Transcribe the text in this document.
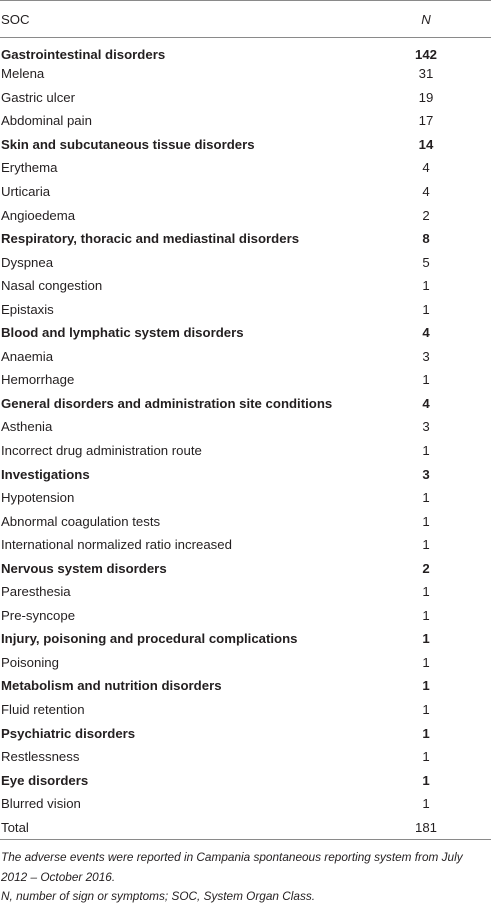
SOC	N
Gastrointestinal disorders	142
Melena	31
Gastric ulcer	19
Abdominal pain	17
Skin and subcutaneous tissue disorders	14
Erythema	4
Urticaria	4
Angioedema	2
Respiratory, thoracic and mediastinal disorders	8
Dyspnea	5
Nasal congestion	1
Epistaxis	1
Blood and lymphatic system disorders	4
Anaemia	3
Hemorrhage	1
General disorders and administration site conditions	4
Asthenia	3
Incorrect drug administration route	1
Investigations	3
Hypotension	1
Abnormal coagulation tests	1
International normalized ratio increased	1
Nervous system disorders	2
Paresthesia	1
Pre-syncope	1
Injury, poisoning and procedural complications	1
Poisoning	1
Metabolism and nutrition disorders	1
Fluid retention	1
Psychiatric disorders	1
Restlessness	1
Eye disorders	1
Blurred vision	1
Total	181

The adverse events were reported in Campania spontaneous reporting system from July 2012 – October 2016.

N, number of sign or symptoms; SOC, System Organ Class.
